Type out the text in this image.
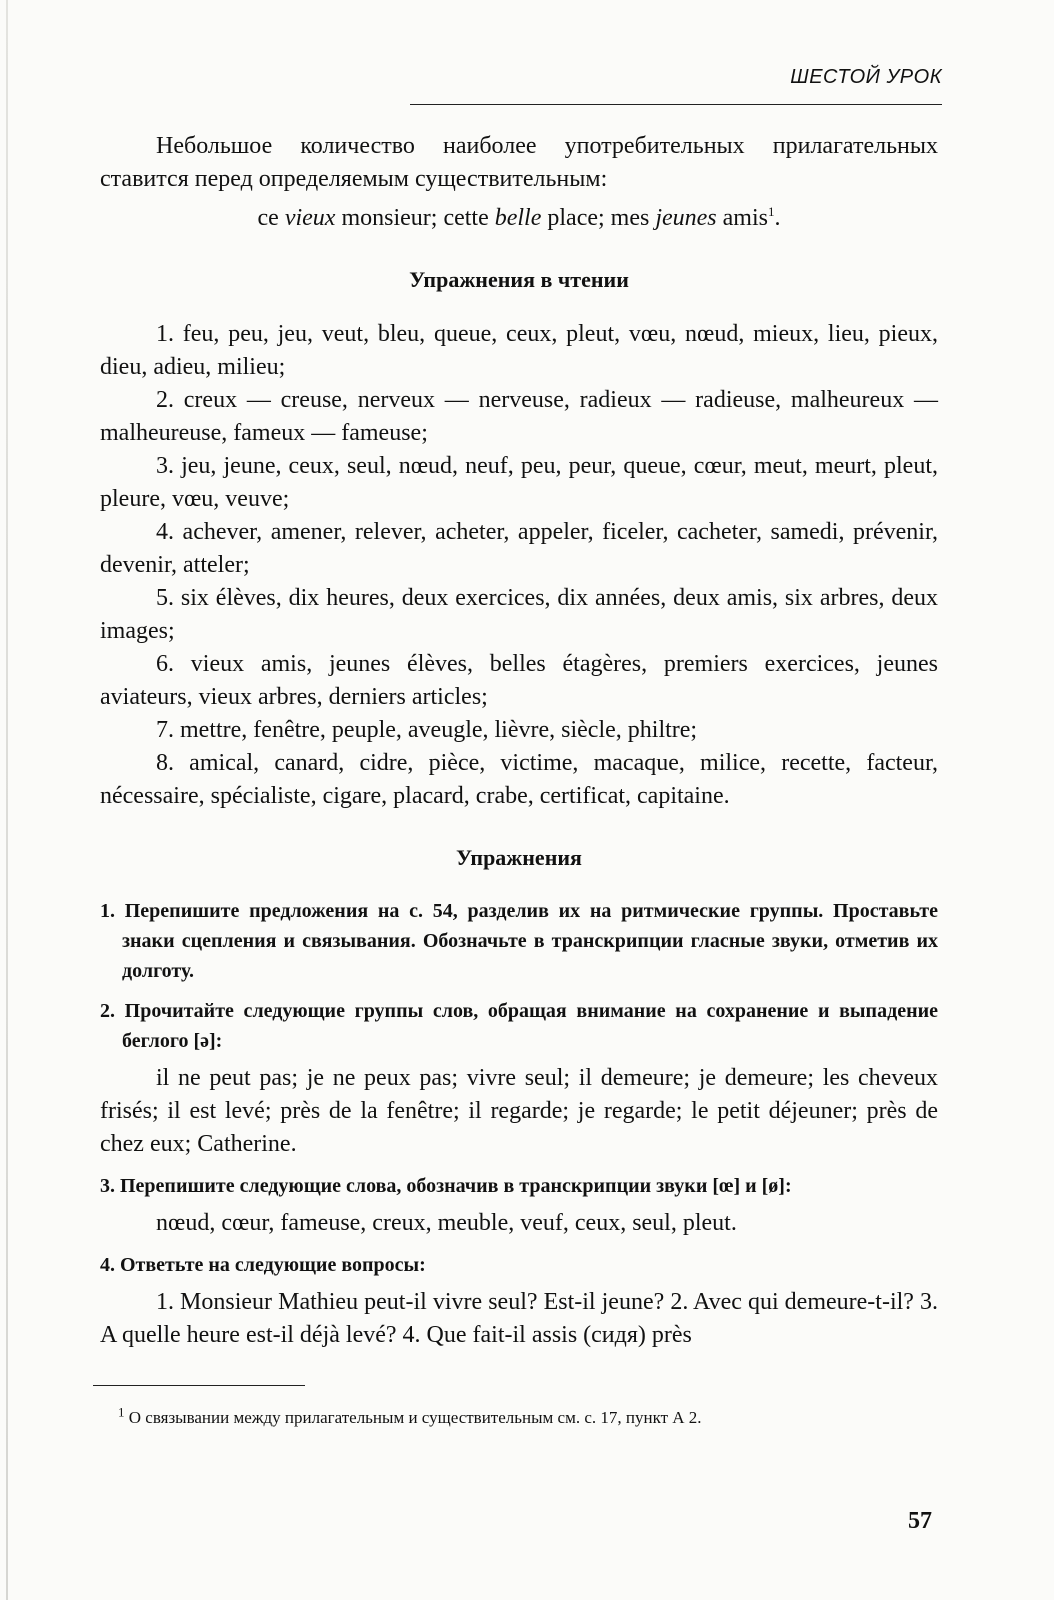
ШЕСТОЙ УРОК

Небольшое количество наиболее употребительных прилагательных ставится перед определяемым существительным:

ce vieux monsieur; cette belle place; mes jeunes amis$^1$.

Упражнения в чтении

1. feu, peu, jeu, veut, bleu, queue, ceux, pleut, vœu, nœud, mieux, lieu, pieux, dieu, adieu, milieu;

2. creux — creuse, nerveux — nerveuse, radieux — radieuse, malheureux — malheureuse, fameux — fameuse;

3. jeu, jeune, ceux, seul, nœud, neuf, peu, peur, queue, cœur, meut, meurt, pleut, pleure, vœu, veuve;

4. achever, amener, relever, acheter, appeler, ficeler, cacheter, samedi, prévenir, devenir, atteler;

5. six élèves, dix heures, deux exercices, dix années, deux amis, six arbres, deux images;

6. vieux amis, jeunes élèves, belles étagères, premiers exercices, jeunes aviateurs, vieux arbres, derniers articles;

7. mettre, fenêtre, peuple, aveugle, lièvre, siècle, philtre;

8. amical, canard, cidre, pièce, victime, macaque, milice, recette, facteur, nécessaire, spécialiste, cigare, placard, crabe, certificat, capitaine.

Упражнения
1. Перепишите предложения на с. 54, разделив их на ритмические группы. Проставьте знаки сцепления и связывания. Обозначьте в транскрипции гласные звуки, отметив их долготу.
2. Прочитайте следующие группы слов, обращая внимание на сохранение и выпадение беглого [ə]:

il ne peut pas; je ne peux pas; vivre seul; il demeure; je demeure; les cheveux frisés; il est levé; près de la fenêtre; il regarde; je regarde; le petit déjeuner; près de chez eux; Catherine.

3. Перепишите следующие слова, обозначив в транскрипции звуки [œ] и [ø]:

nœud, cœur, fameuse, creux, meuble, veuf, ceux, seul, pleut.

4. Ответьте на следующие вопросы:

1. Monsieur Mathieu peut-il vivre seul? Est-il jeune? 2. Avec qui demeure-t-il? 3. A quelle heure est-il déjà levé? 4. Que fait-il assis (сидя) près

$^1$ О связывании между прилагательным и существительным см. с. 17, пункт А 2.
57
